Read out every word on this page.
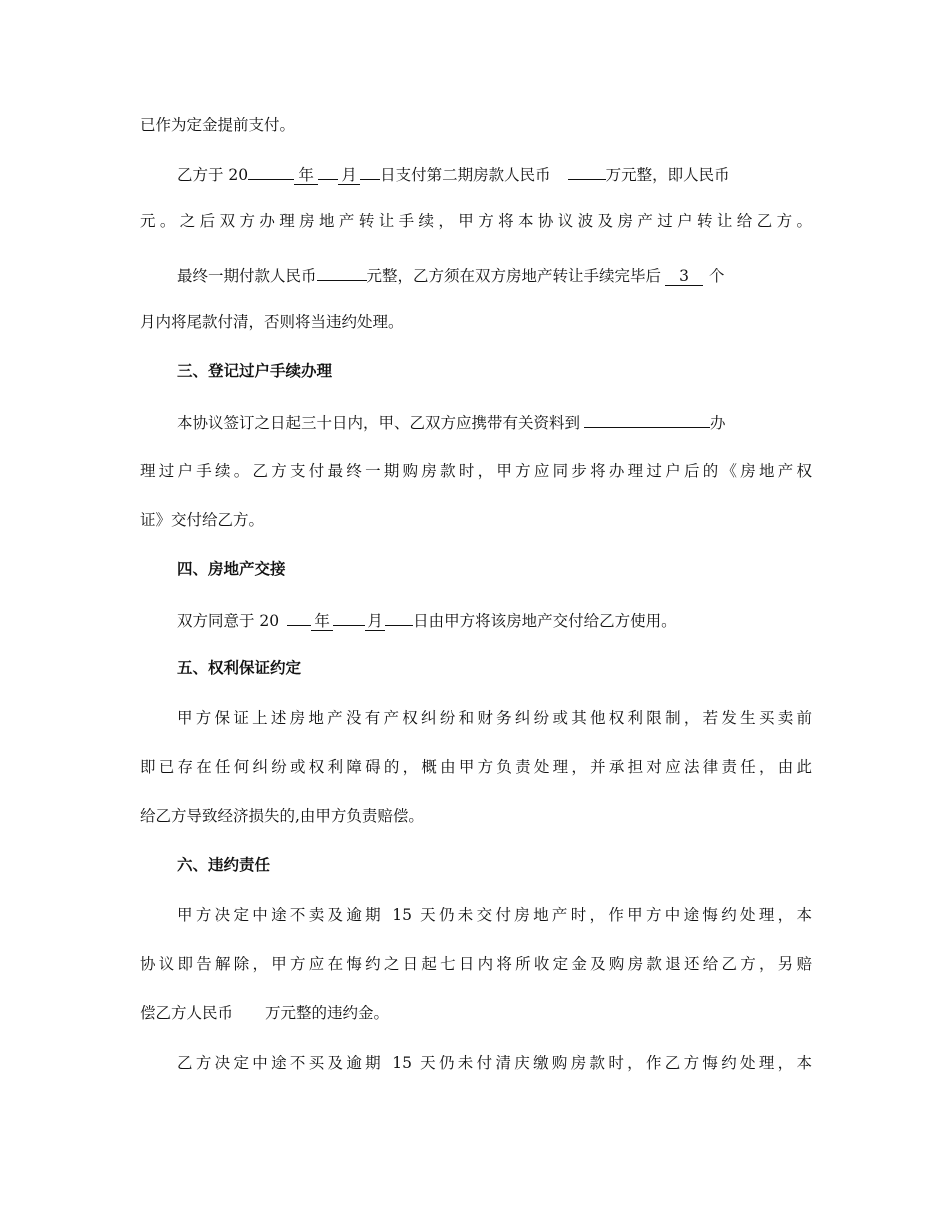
已作为定金提前支付。
乙方于 20	年 月 日支付第二期房款人民币	万元整，即人民币
元。之后双方办理房地产转让手续，甲方将本协议波及房产过户转让给乙方。
最终一期付款人民币	元整，乙方须在双方房地产转让手续完毕后 3 个
月内将尾款付清，否则将当违约处理。
三、登记过户手续办理
本协议签订之日起三十日内，甲、乙双方应携带有关资料到	办
理过户手续。乙方支付最终一期购房款时，甲方应同步将办理过户后的《房地产权
证》交付给乙方。
四、房地产交接
双方同意于 20 年 月 日由甲方将该房地产交付给乙方使用。
五、权利保证约定
甲方保证上述房地产没有产权纠纷和财务纠纷或其他权利限制，若发生买卖前
即已存在任何纠纷或权利障碍的，概由甲方负责处理，并承担对应法律责任，由此
给乙方导致经济损失的,由甲方负责赔偿。
六、违约责任
甲方决定中途不卖及逾期 15 天仍未交付房地产时，作甲方中途悔约处理，本
协议即告解除，甲方应在悔约之日起七日内将所收定金及购房款退还给乙方，另赔
偿乙方人民币 万元整的违约金。
乙方决定中途不买及逾期 15 天仍未付清庆缴购房款时，作乙方悔约处理，本
